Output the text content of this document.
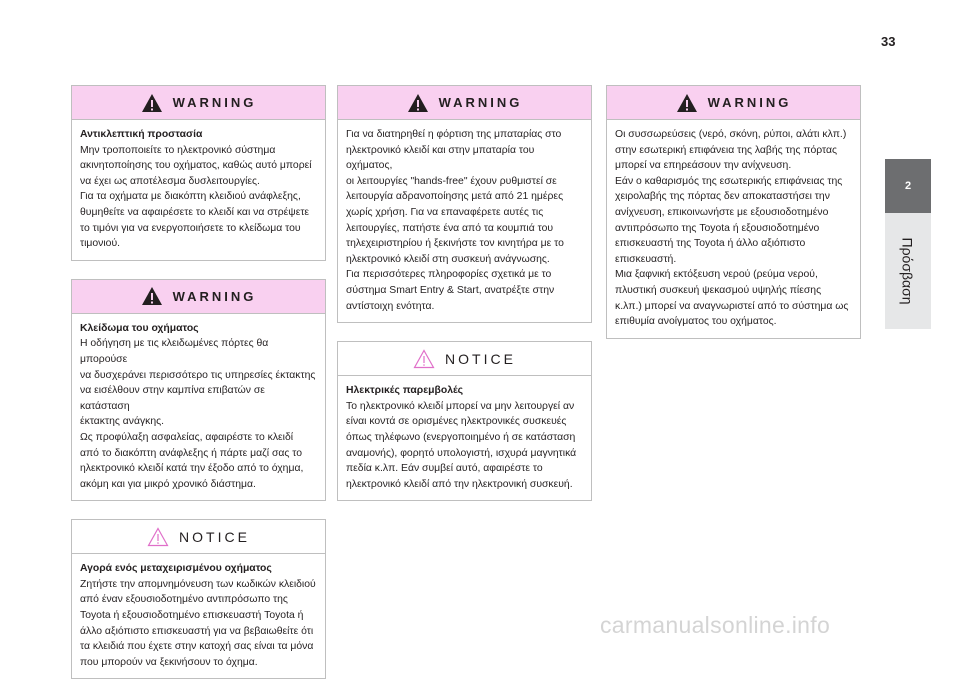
33
WARNING
Αντικλεπτική προστασία
Μην τροποποιείτε το ηλεκτρονικό σύστημα
ακινητοποίησης του οχήματος, καθώς αυτό μπορεί
να έχει ως αποτέλεσμα δυσλειτουργίες.
Για τα οχήματα με διακόπτη κλειδιού ανάφλεξης,
θυμηθείτε να αφαιρέσετε το κλειδί και να στρέψετε
το τιμόνι για να ενεργοποιήσετε το κλείδωμα του
τιμονιού.
WARNING
Κλείδωμα του οχήματος
Η οδήγηση με τις κλειδωμένες πόρτες θα μπορούσε
να δυσχεράνει περισσότερο τις υπηρεσίες έκτακτης
να εισέλθουν στην καμπίνα επιβατών σε κατάσταση
έκτακτης ανάγκης.
Ως προφύλαξη ασφαλείας, αφαιρέστε το κλειδί
από το διακόπτη ανάφλεξης ή πάρτε μαζί σας το
ηλεκτρονικό κλειδί κατά την έξοδο από το όχημα,
ακόμη και για μικρό χρονικό διάστημα.
NOTICE
Αγορά ενός μεταχειρισμένου οχήματος
Ζητήστε την απομνημόνευση των κωδικών κλειδιού
από έναν εξουσιοδοτημένο αντιπρόσωπο της
Toyota ή εξουσιοδοτημένο επισκευαστή Toyota ή
άλλο αξιόπιστο επισκευαστή για να βεβαιωθείτε ότι
τα κλειδιά που έχετε στην κατοχή σας είναι τα μόνα
που μπορούν να ξεκινήσουν το όχημα.
WARNING
Για να διατηρηθεί η φόρτιση της μπαταρίας στο
ηλεκτρονικό κλειδί και στην μπαταρία του οχήματος,
οι λειτουργίες "hands-free" έχουν ρυθμιστεί σε
λειτουργία αδρανοποίησης μετά από 21 ημέρες
χωρίς χρήση. Για να επαναφέρετε αυτές τις
λειτουργίες, πατήστε ένα από τα κουμπιά του
τηλεχειριστηρίου ή ξεκινήστε τον κινητήρα με το
ηλεκτρονικό κλειδί στη συσκευή ανάγνωσης.
Για περισσότερες πληροφορίες σχετικά με το
σύστημα Smart Entry & Start, ανατρέξτε στην
αντίστοιχη ενότητα.
NOTICE
Ηλεκτρικές παρεμβολές
Το ηλεκτρονικό κλειδί μπορεί να μην λειτουργεί αν
είναι κοντά σε ορισμένες ηλεκτρονικές συσκευές
όπως τηλέφωνο (ενεργοποιημένο ή σε κατάσταση
αναμονής), φορητό υπολογιστή, ισχυρά μαγνητικά
πεδία κ.λπ. Εάν συμβεί αυτό, αφαιρέστε το
ηλεκτρονικό κλειδί από την ηλεκτρονική συσκευή.
WARNING
Οι συσσωρεύσεις (νερό, σκόνη, ρύποι, αλάτι κλπ.)
στην εσωτερική επιφάνεια της λαβής της πόρτας
μπορεί να επηρεάσουν την ανίχνευση.
Εάν ο καθαρισμός της εσωτερικής επιφάνειας της
χειρολαβής της πόρτας δεν αποκαταστήσει την
ανίχνευση, επικοινωνήστε με εξουσιοδοτημένο
αντιπρόσωπο της Toyota ή εξουσιοδοτημένο
επισκευαστή της Toyota ή άλλο αξιόπιστο
επισκευαστή.
Μια ξαφνική εκτόξευση νερού (ρεύμα νερού,
πλυστική συσκευή ψεκασμού υψηλής πίεσης
κ.λπ.) μπορεί να αναγνωριστεί από το σύστημα ως
επιθυμία ανοίγματος του οχήματος.
2
Πρόσβαση
carmanualsonline.info
